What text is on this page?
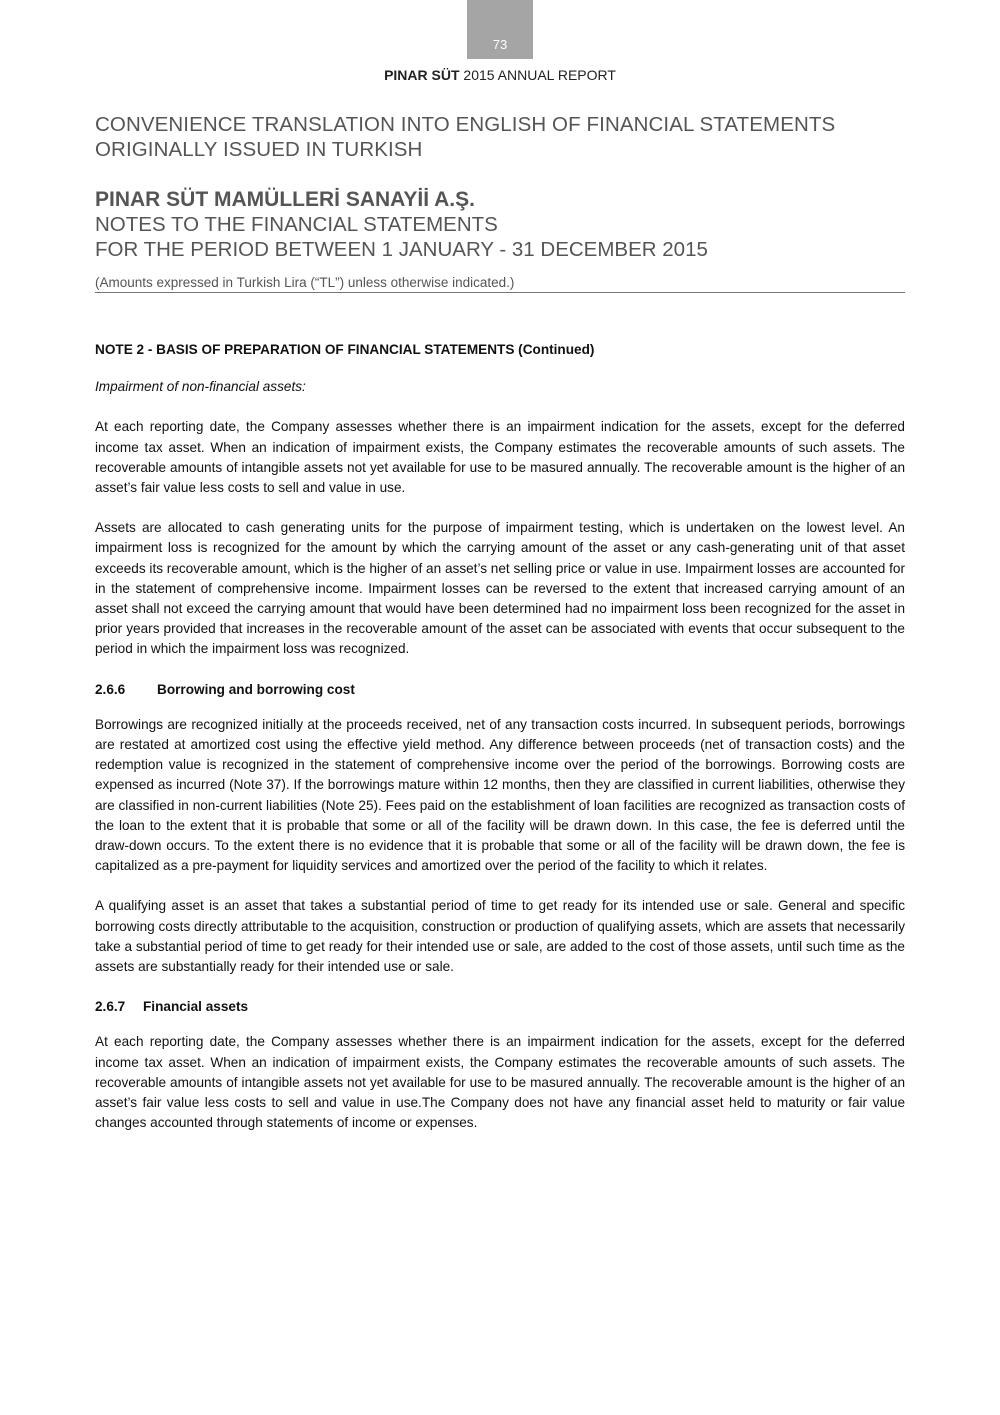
73
PINAR SÜT 2015 ANNUAL REPORT
CONVENIENCE TRANSLATION INTO ENGLISH OF FINANCIAL STATEMENTS
ORIGINALLY ISSUED IN TURKISH
PINAR SÜT MAMÜLLERİ SANAYİİ A.Ş.
NOTES TO THE FINANCIAL STATEMENTS
FOR THE PERIOD BETWEEN 1 JANUARY - 31 DECEMBER 2015
(Amounts expressed in Turkish Lira (“TL”) unless otherwise indicated.)
NOTE 2 - BASIS OF PREPARATION OF FINANCIAL STATEMENTS (Continued)
Impairment of non-financial assets:

At each reporting date, the Company assesses whether there is an impairment indication for the assets, except for the deferred income tax asset. When an indication of impairment exists, the Company estimates the recoverable amounts of such assets. The recoverable amounts of intangible assets not yet available for use to be masured annually. The recoverable amount is the higher of an asset’s fair value less costs to sell and value in use.

Assets are allocated to cash generating units for the purpose of impairment testing, which is undertaken on the lowest level. An impairment loss is recognized for the amount by which the carrying amount of the asset or any cash-generating unit of that asset exceeds its recoverable amount, which is the higher of an asset’s net selling price or value in use. Impairment losses are accounted for in the statement of comprehensive income. Impairment losses can be reversed to the extent that increased carrying amount of an asset shall not exceed the carrying amount that would have been determined had no impairment loss been recognized for the asset in prior years provided that increases in the recoverable amount of the asset can be associated with events that occur subsequent to the period in which the impairment loss was recognized.

2.6.6 Borrowing and borrowing cost

Borrowings are recognized initially at the proceeds received, net of any transaction costs incurred. In subsequent periods, borrowings are restated at amortized cost using the effective yield method. Any difference between proceeds (net of transaction costs) and the redemption value is recognized in the statement of comprehensive income over the period of the borrowings. Borrowing costs are expensed as incurred (Note 37). If the borrowings mature within 12 months, then they are classified in current liabilities, otherwise they are classified in non-current liabilities (Note 25). Fees paid on the establishment of loan facilities are recognized as transaction costs of the loan to the extent that it is probable that some or all of the facility will be drawn down. In this case, the fee is deferred until the draw-down occurs. To the extent there is no evidence that it is probable that some or all of the facility will be drawn down, the fee is capitalized as a pre-payment for liquidity services and amortized over the period of the facility to which it relates.

A qualifying asset is an asset that takes a substantial period of time to get ready for its intended use or sale. General and specific borrowing costs directly attributable to the acquisition, construction or production of qualifying assets, which are assets that necessarily take a substantial period of time to get ready for their intended use or sale, are added to the cost of those assets, until such time as the assets are substantially ready for their intended use or sale.

2.6.7 Financial assets

At each reporting date, the Company assesses whether there is an impairment indication for the assets, except for the deferred income tax asset. When an indication of impairment exists, the Company estimates the recoverable amounts of such assets. The recoverable amounts of intangible assets not yet available for use to be masured annually. The recoverable amount is the higher of an asset’s fair value less costs to sell and value in use.The Company does not have any financial asset held to maturity or fair value changes accounted through statements of income or expenses.
